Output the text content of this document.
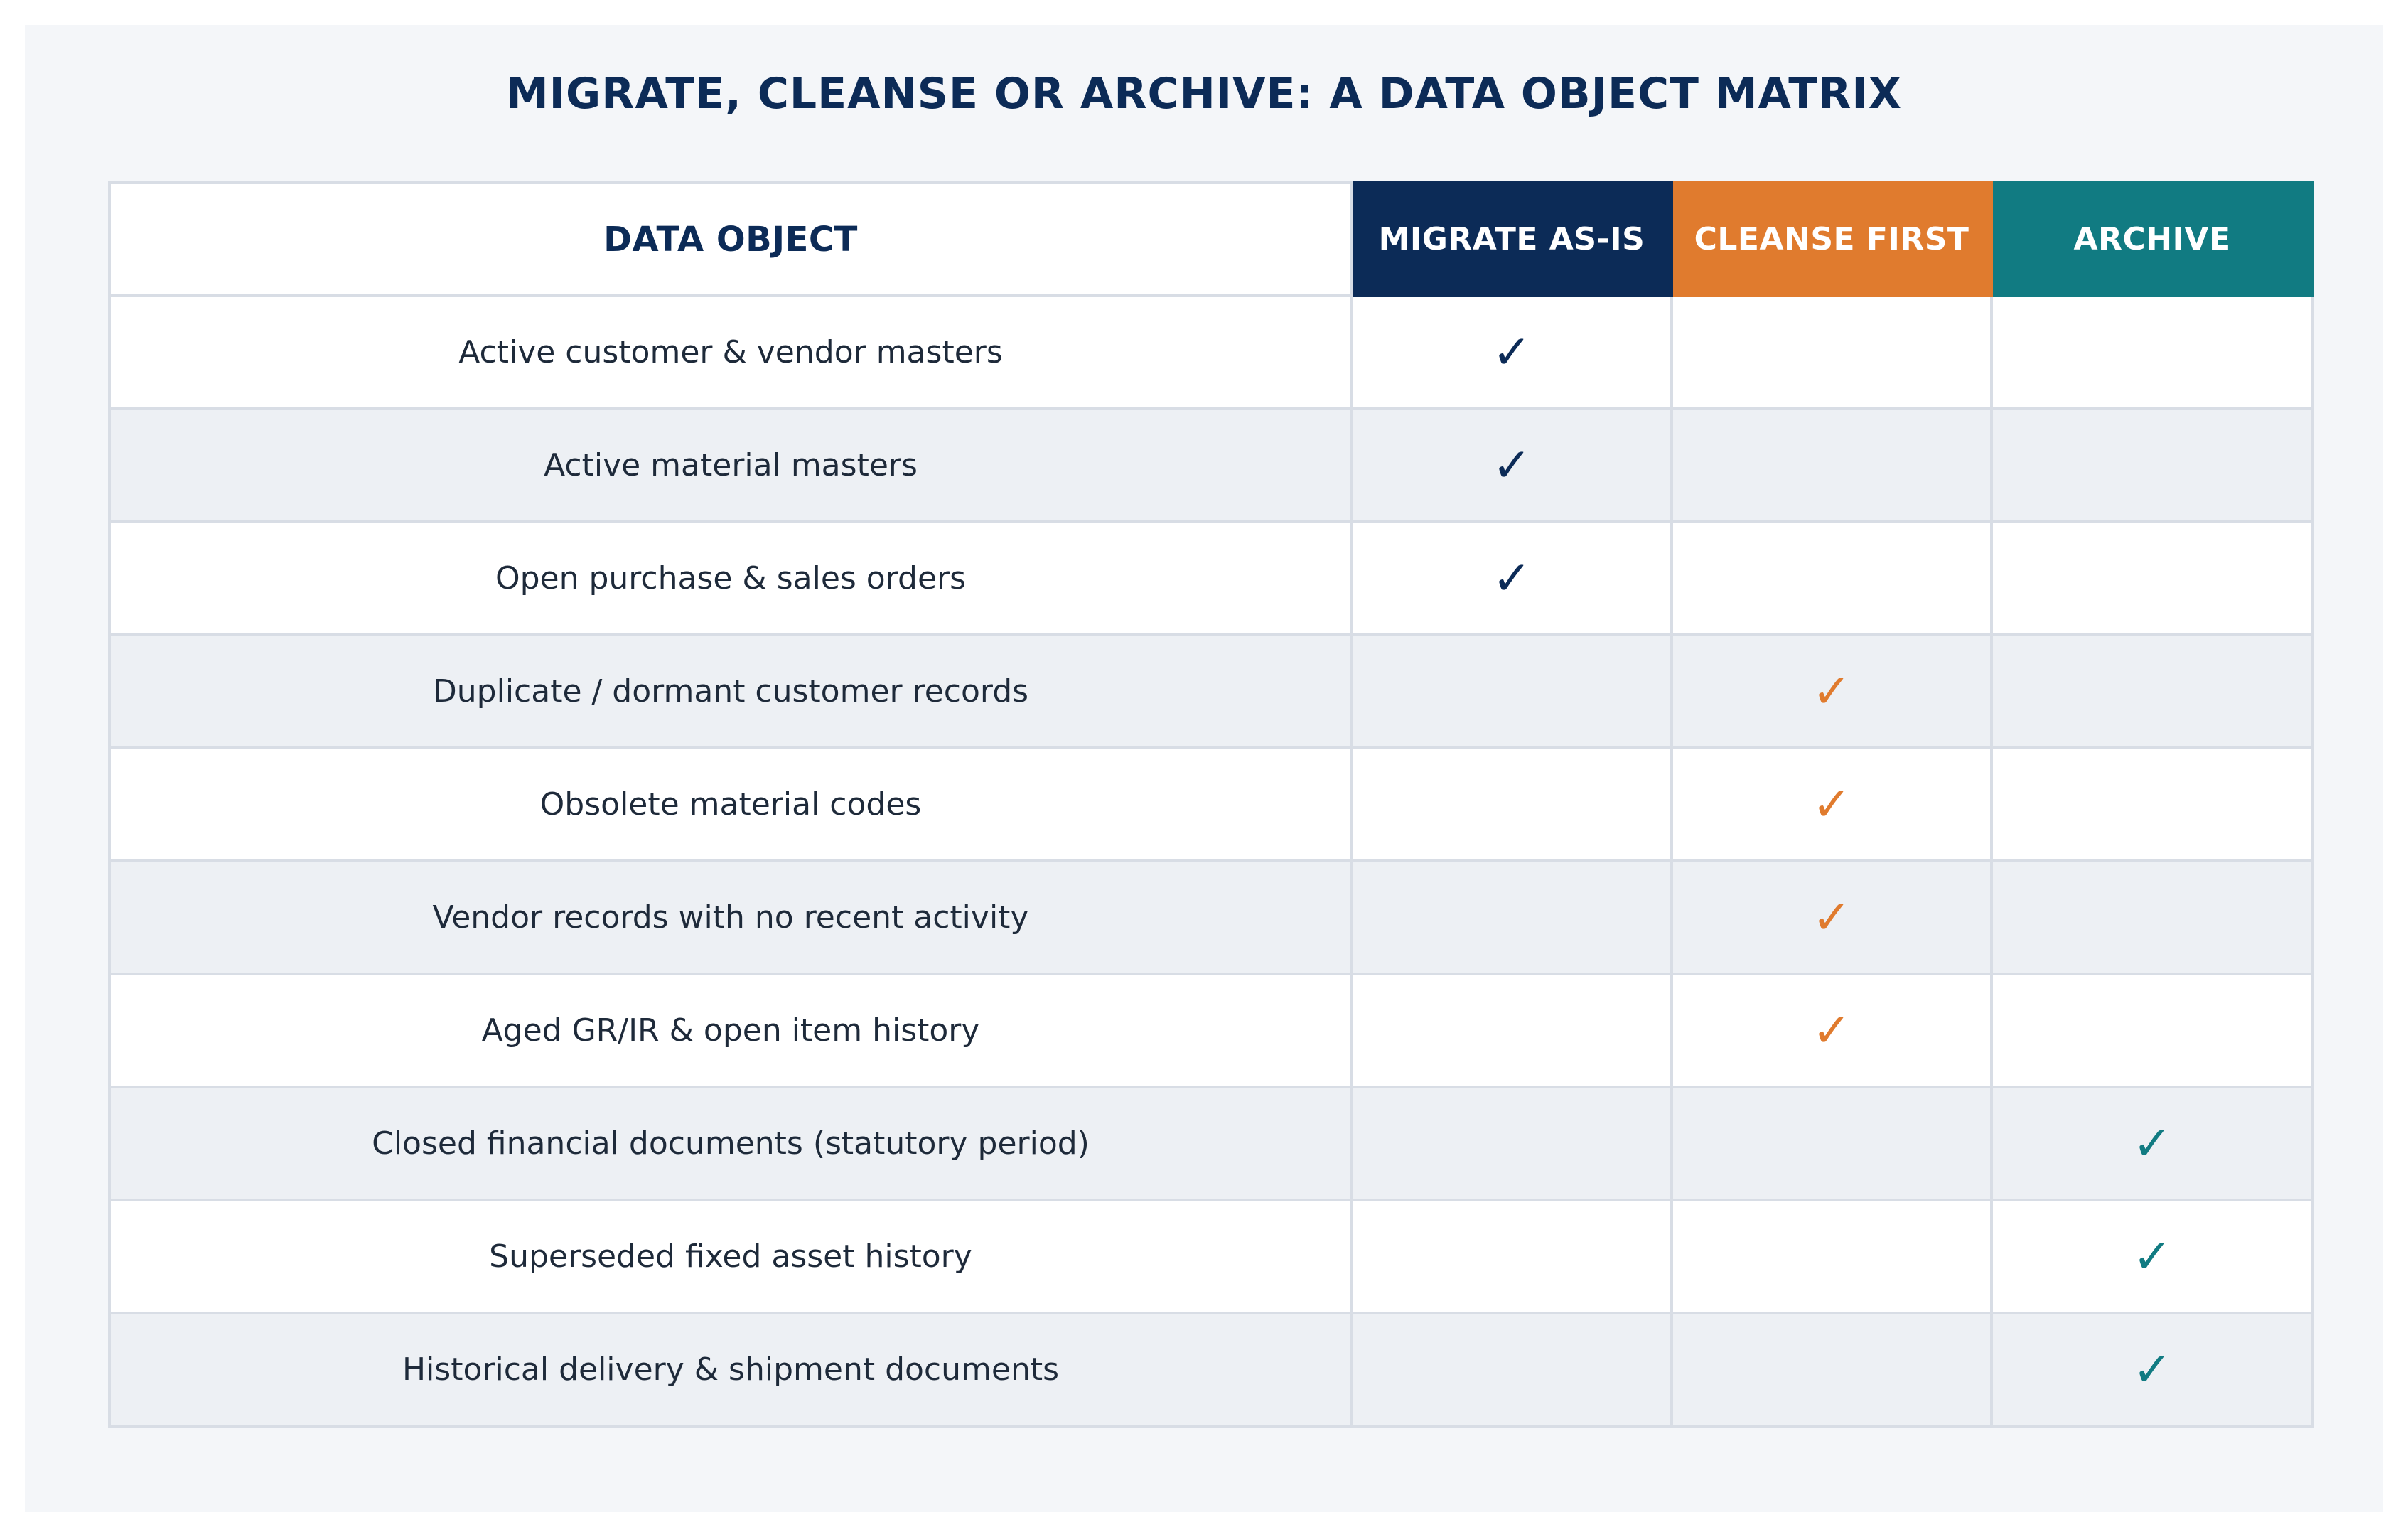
MIGRATE, CLEANSE OR ARCHIVE: A DATA OBJECT MATRIX
DATA OBJECT	MIGRATE AS-IS	CLEANSE FIRST	ARCHIVE
Active customer & vendor masters	✓		
Active material masters	✓		
Open purchase & sales orders	✓		
Duplicate / dormant customer records		✓	
Obsolete material codes		✓	
Vendor records with no recent activity		✓	
Aged GR/IR & open item history		✓	
Closed financial documents (statutory period)			✓
Superseded fixed asset history			✓
Historical delivery & shipment documents			✓
